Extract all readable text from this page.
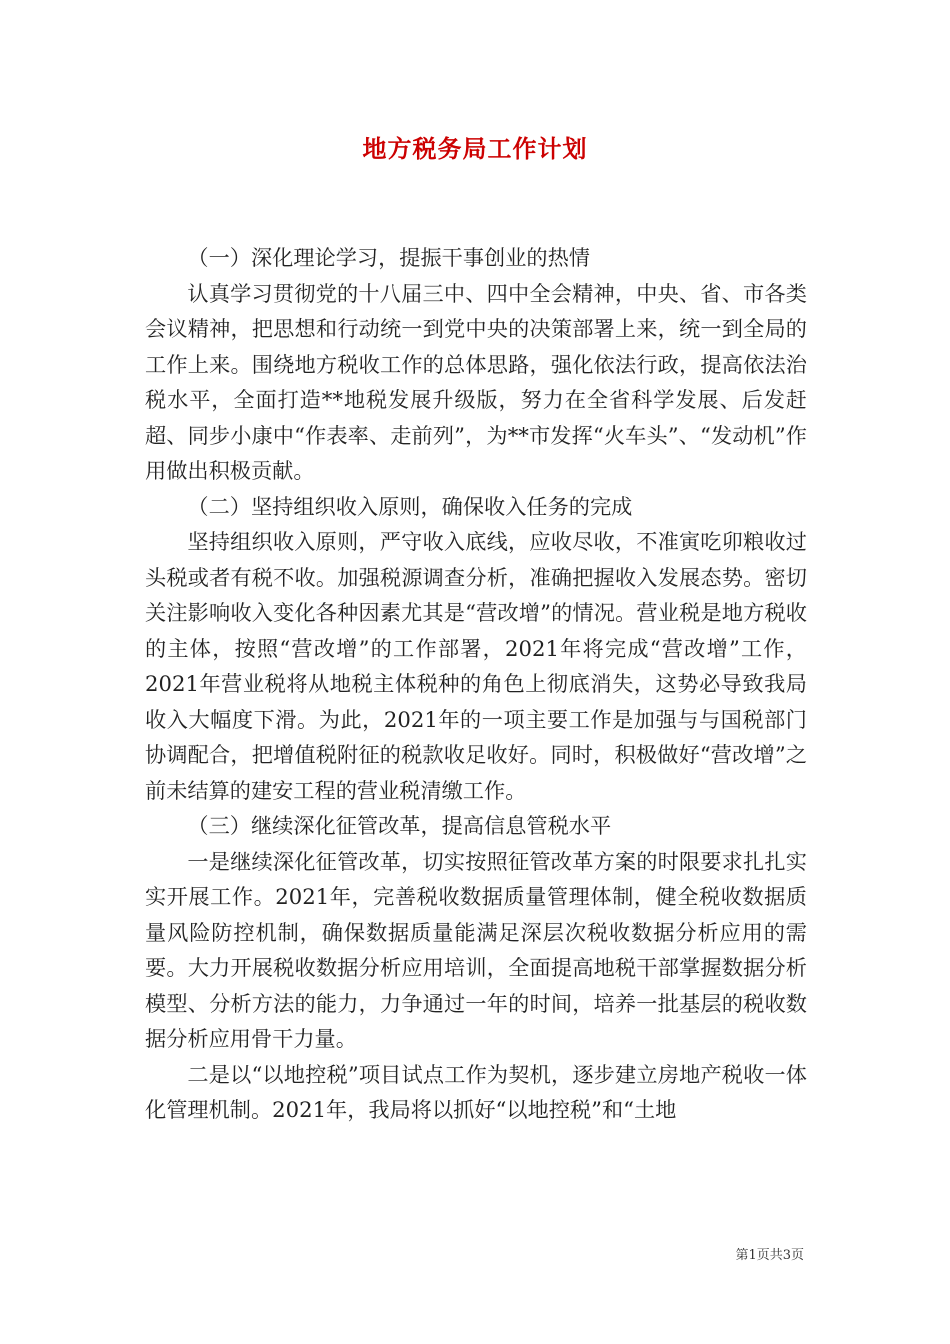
地方税务局工作计划

（一）深化理论学习，提振干事创业的热情

认真学习贯彻党的十八届三中、四中全会精神，中央、省、市各类会议精神，把思想和行动统一到党中央的决策部署上来，统一到全局的工作上来。围绕地方税收工作的总体思路，强化依法行政，提高依法治税水平，全面打造**地税发展升级版，努力在全省科学发展、后发赶超、同步小康中“作表率、走前列”，为**市发挥“火车头”、“发动机”作用做出积极贡献。

（二）坚持组织收入原则，确保收入任务的完成

坚持组织收入原则，严守收入底线，应收尽收，不准寅吃卯粮收过头税或者有税不收。加强税源调查分析，准确把握收入发展态势。密切关注影响收入变化各种因素尤其是“营改增”的情况。营业税是地方税收的主体，按照“营改增”的工作部署，2021年将完成“营改增”工作，2021年营业税将从地税主体税种的角色上彻底消失，这势必导致我局收入大幅度下滑。为此，2021年的一项主要工作是加强与与国税部门协调配合，把增值税附征的税款收足收好。同时，积极做好“营改增”之前未结算的建安工程的营业税清缴工作。

（三）继续深化征管改革，提高信息管税水平

一是继续深化征管改革，切实按照征管改革方案的时限要求扎扎实实开展工作。2021年，完善税收数据质量管理体制，健全税收数据质量风险防控机制，确保数据质量能满足深层次税收数据分析应用的需要。大力开展税收数据分析应用培训，全面提高地税干部掌握数据分析模型、分析方法的能力，力争通过一年的时间，培养一批基层的税收数据分析应用骨干力量。

二是以“以地控税”项目试点工作为契机，逐步建立房地产税收一体化管理机制。2021年，我局将以抓好“以地控税”和“土地

第1页共3页
